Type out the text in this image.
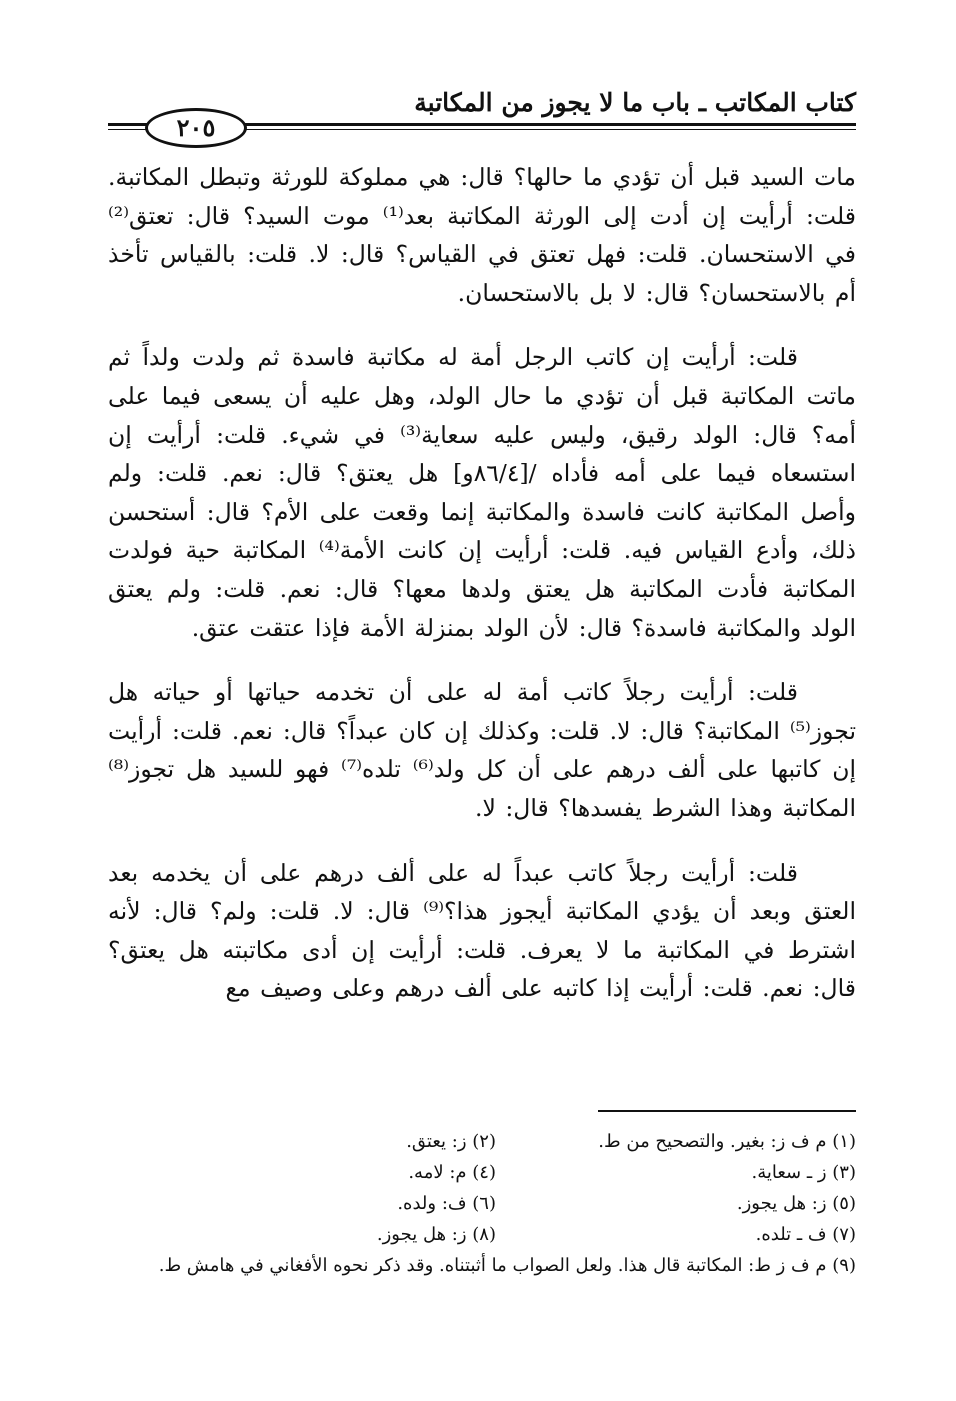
كتاب المكاتب ـ باب ما لا يجوز من المكاتبة
٢٠٥

مات السيد قبل أن تؤدي ما حالها؟ قال: هي مملوكة للورثة وتبطل المكاتبة. قلت: أرأيت إن أدت إلى الورثة المكاتبة بعد⁽¹⁾ موت السيد؟ قال: تعتق⁽²⁾ في الاستحسان. قلت: فهل تعتق في القياس؟ قال: لا. قلت: بالقياس تأخذ أم بالاستحسان؟ قال: لا بل بالاستحسان.

قلت: أرأيت إن كاتب الرجل أمة له مكاتبة فاسدة ثم ولدت ولداً ثم ماتت المكاتبة قبل أن تؤدي ما حال الولد، وهل عليه أن يسعى فيما على أمه؟ قال: الولد رقيق، وليس عليه سعاية⁽³⁾ في شيء. قلت: أرأيت إن استسعاه فيما على أمه فأداه /[٨٦/٤و] هل يعتق؟ قال: نعم. قلت: ولم وأصل المكاتبة كانت فاسدة والمكاتبة إنما وقعت على الأم؟ قال: أستحسن ذلك، وأدع القياس فيه. قلت: أرأيت إن كانت الأمة⁽⁴⁾ المكاتبة حية فولدت المكاتبة فأدت المكاتبة هل يعتق ولدها معها؟ قال: نعم. قلت: ولم يعتق الولد والمكاتبة فاسدة؟ قال: لأن الولد بمنزلة الأمة فإذا عتقت عتق.

قلت: أرأيت رجلاً كاتب أمة له على أن تخدمه حياتها أو حياته هل تجوز⁽⁵⁾ المكاتبة؟ قال: لا. قلت: وكذلك إن كان عبداً؟ قال: نعم. قلت: أرأيت إن كاتبها على ألف درهم على أن كل ولد⁽⁶⁾ تلده⁽⁷⁾ فهو للسيد هل تجوز⁽⁸⁾ المكاتبة وهذا الشرط يفسدها؟ قال: لا.

قلت: أرأيت رجلاً كاتب عبداً له على ألف درهم على أن يخدمه بعد العتق وبعد أن يؤدي المكاتبة أيجوز هذا؟⁽⁹⁾ قال: لا. قلت: ولم؟ قال: لأنه اشترط في المكاتبة ما لا يعرف. قلت: أرأيت إن أدى مكاتبته هل يعتق؟ قال: نعم. قلت: أرأيت إذا كاتبه على ألف درهم وعلى وصيف مع

(١) م ف ز: بغير. والتصحيح من ط.
(٢) ز: يعتق.
(٣) ز ـ سعاية.
(٤) م: لامه.
(٥) ز: هل يجوز.
(٦) ف: ولده.
(٧) ف ـ تلده.
(٨) ز: هل يجوز.
(٩) م ف ز ط: المكاتبة قال هذا. ولعل الصواب ما أثبتناه. وقد ذكر نحوه الأفغاني في هامش ط.
